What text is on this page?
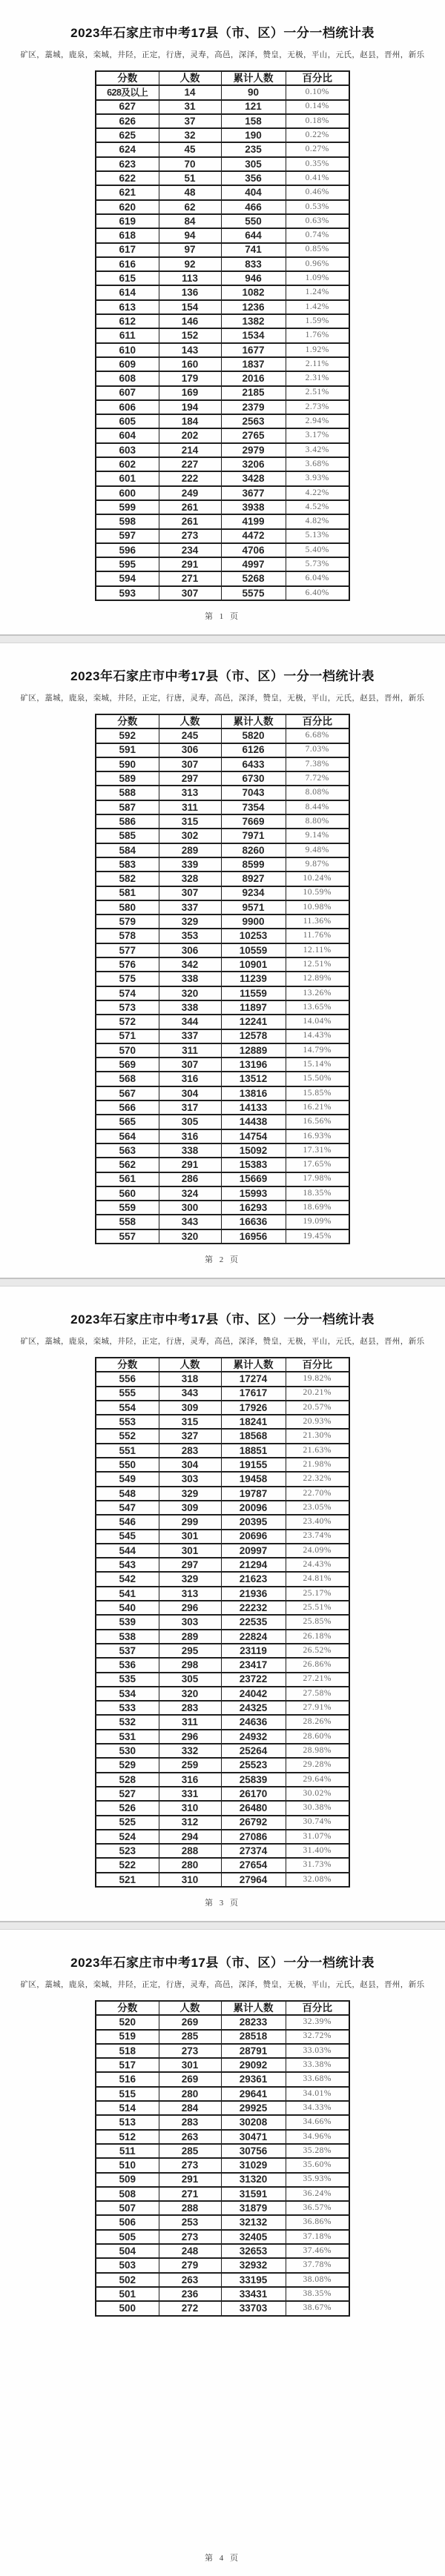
2023年石家庄市中考17县（市、区）一分一档统计表
矿区，藁城，鹿泉，栾城，井陉，正定，行唐，灵寿，高邑，深泽，赞皇，无极，平山，元氏，赵县，晋州，新乐
分数	人数	累计人数	百分比
628及以上	14	90	0.10%
627	31	121	0.14%
626	37	158	0.18%
625	32	190	0.22%
624	45	235	0.27%
623	70	305	0.35%
622	51	356	0.41%
621	48	404	0.46%
620	62	466	0.53%
619	84	550	0.63%
618	94	644	0.74%
617	97	741	0.85%
616	92	833	0.96%
615	113	946	1.09%
614	136	1082	1.24%
613	154	1236	1.42%
612	146	1382	1.59%
611	152	1534	1.76%
610	143	1677	1.92%
609	160	1837	2.11%
608	179	2016	2.31%
607	169	2185	2.51%
606	194	2379	2.73%
605	184	2563	2.94%
604	202	2765	3.17%
603	214	2979	3.42%
602	227	3206	3.68%
601	222	3428	3.93%
600	249	3677	4.22%
599	261	3938	4.52%
598	261	4199	4.82%
597	273	4472	5.13%
596	234	4706	5.40%
595	291	4997	5.73%
594	271	5268	6.04%
593	307	5575	6.40%
第 1 页
2023年石家庄市中考17县（市、区）一分一档统计表
矿区，藁城，鹿泉，栾城，井陉，正定，行唐，灵寿，高邑，深泽，赞皇，无极，平山，元氏，赵县，晋州，新乐
分数	人数	累计人数	百分比
592	245	5820	6.68%
591	306	6126	7.03%
590	307	6433	7.38%
589	297	6730	7.72%
588	313	7043	8.08%
587	311	7354	8.44%
586	315	7669	8.80%
585	302	7971	9.14%
584	289	8260	9.48%
583	339	8599	9.87%
582	328	8927	10.24%
581	307	9234	10.59%
580	337	9571	10.98%
579	329	9900	11.36%
578	353	10253	11.76%
577	306	10559	12.11%
576	342	10901	12.51%
575	338	11239	12.89%
574	320	11559	13.26%
573	338	11897	13.65%
572	344	12241	14.04%
571	337	12578	14.43%
570	311	12889	14.79%
569	307	13196	15.14%
568	316	13512	15.50%
567	304	13816	15.85%
566	317	14133	16.21%
565	305	14438	16.56%
564	316	14754	16.93%
563	338	15092	17.31%
562	291	15383	17.65%
561	286	15669	17.98%
560	324	15993	18.35%
559	300	16293	18.69%
558	343	16636	19.09%
557	320	16956	19.45%
第 2 页
2023年石家庄市中考17县（市、区）一分一档统计表
矿区，藁城，鹿泉，栾城，井陉，正定，行唐，灵寿，高邑，深泽，赞皇，无极，平山，元氏，赵县，晋州，新乐
分数	人数	累计人数	百分比
556	318	17274	19.82%
555	343	17617	20.21%
554	309	17926	20.57%
553	315	18241	20.93%
552	327	18568	21.30%
551	283	18851	21.63%
550	304	19155	21.98%
549	303	19458	22.32%
548	329	19787	22.70%
547	309	20096	23.05%
546	299	20395	23.40%
545	301	20696	23.74%
544	301	20997	24.09%
543	297	21294	24.43%
542	329	21623	24.81%
541	313	21936	25.17%
540	296	22232	25.51%
539	303	22535	25.85%
538	289	22824	26.18%
537	295	23119	26.52%
536	298	23417	26.86%
535	305	23722	27.21%
534	320	24042	27.58%
533	283	24325	27.91%
532	311	24636	28.26%
531	296	24932	28.60%
530	332	25264	28.98%
529	259	25523	29.28%
528	316	25839	29.64%
527	331	26170	30.02%
526	310	26480	30.38%
525	312	26792	30.74%
524	294	27086	31.07%
523	288	27374	31.40%
522	280	27654	31.73%
521	310	27964	32.08%
第 3 页
2023年石家庄市中考17县（市、区）一分一档统计表
矿区，藁城，鹿泉，栾城，井陉，正定，行唐，灵寿，高邑，深泽，赞皇，无极，平山，元氏，赵县，晋州，新乐
分数	人数	累计人数	百分比
520	269	28233	32.39%
519	285	28518	32.72%
518	273	28791	33.03%
517	301	29092	33.38%
516	269	29361	33.68%
515	280	29641	34.01%
514	284	29925	34.33%
513	283	30208	34.66%
512	263	30471	34.96%
511	285	30756	35.28%
510	273	31029	35.60%
509	291	31320	35.93%
508	271	31591	36.24%
507	288	31879	36.57%
506	253	32132	36.86%
505	273	32405	37.18%
504	248	32653	37.46%
503	279	32932	37.78%
502	263	33195	38.08%
501	236	33431	38.35%
500	272	33703	38.67%
第 4 页
